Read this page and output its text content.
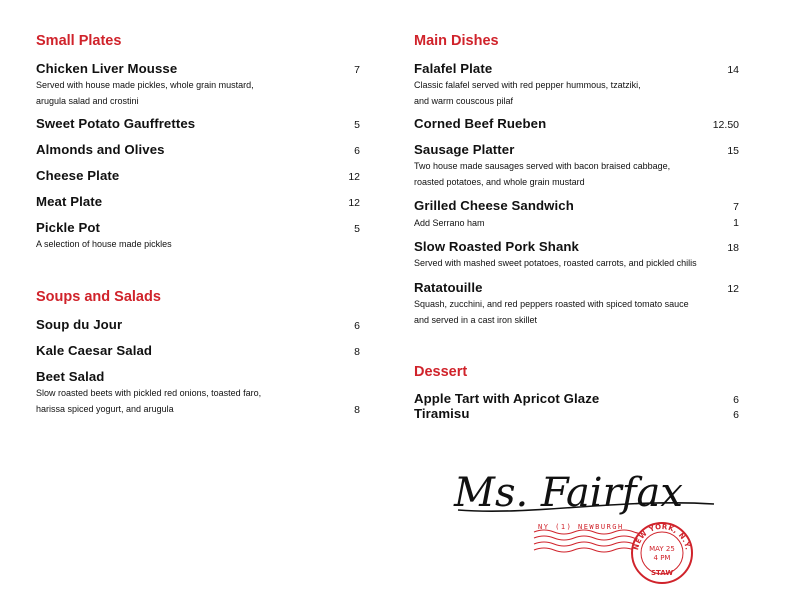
Small Plates
Chicken Liver Mousse	7
Served with house made pickles, whole grain mustard,
arugula salad and crostini
Sweet Potato Gauffrettes	5
Almonds and Olives	6
Cheese Plate	12
Meat Plate	12
Pickle Pot	5
A selection of house made pickles
Soups and Salads
Soup du Jour	6
Kale Caesar Salad	8
Beet Salad
Slow roasted beets with pickled red onions, toasted faro,
harissa spiced yogurt, and arugula	8
Main Dishes
Falafel Plate	14
Classic falafel served with red pepper hummous, tzatziki,
and warm couscous pilaf
Corned Beef Rueben	12.50
Sausage Platter	15
Two house made sausages served with bacon braised cabbage,
roasted potatoes, and whole grain mustard
Grilled Cheese Sandwich	7
Add Serrano ham	1
Slow Roasted Pork Shank	18
Served with mashed sweet potatoes, roasted carrots, and pickled chilis
Ratatouille	12
Squash, zucchini, and red peppers roasted with spiced tomato sauce
and served in a cast iron skillet
Dessert
Apple Tart with Apricot Glaze	6
Tiramisu	6
Ms. Fairfax
NY (1) NEWBURGH
NEW YORK, N.Y.
MAY 25
4 PM
STAW
